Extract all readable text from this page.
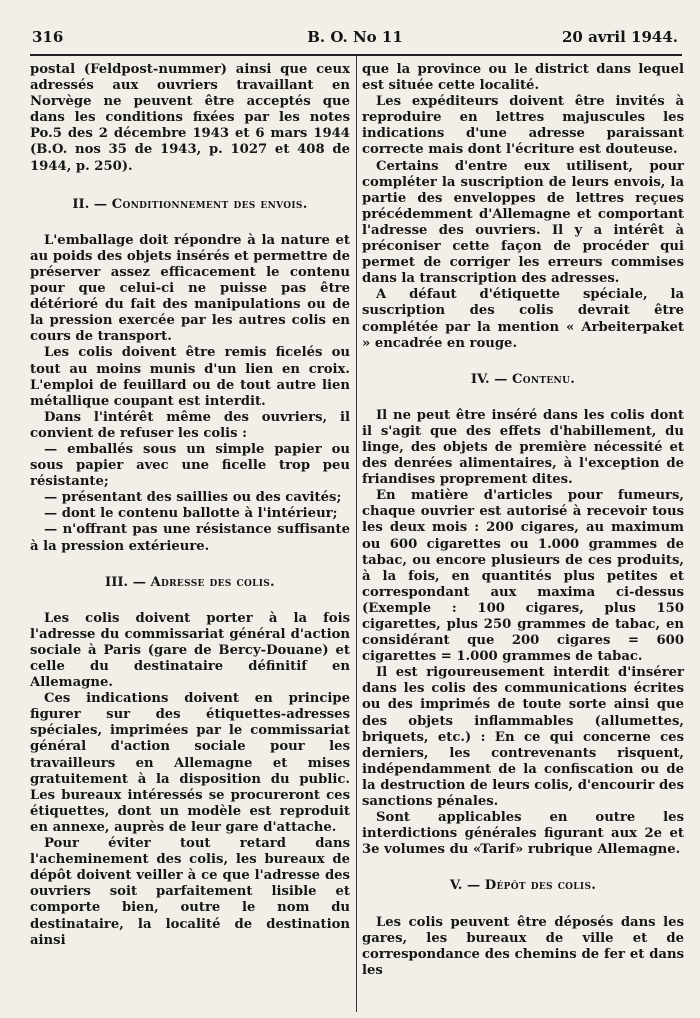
316	B. O. No 11	20 avril 1944.

postal (Feldpost-nummer) ainsi que ceux adressés aux ouvriers travaillant en Norvège ne peuvent être acceptés que dans les conditions fixées par les notes Po.5 des 2 décembre 1943 et 6 mars 1944 (B.O. nos 35 de 1943, p. 1027 et 408 de 1944, p. 250).

II. — Conditionnement des envois.

L'emballage doit répondre à la nature et au poids des objets insérés et permettre de préserver assez efficacement le contenu pour que celui-ci ne puisse pas être détérioré du fait des manipulations ou de la pression exercée par les autres colis en cours de transport.

Les colis doivent être remis ficelés ou tout au moins munis d'un lien en croix. L'emploi de feuillard ou de tout autre lien métallique coupant est interdit.

Dans l'intérêt même des ouvriers, il convient de refuser les colis :

— emballés sous un simple papier ou sous papier avec une ficelle trop peu résistante;

— présentant des saillies ou des cavités;

— dont le contenu ballotte à l'intérieur;

— n'offrant pas une résistance suffisante à la pression extérieure.

III. — Adresse des colis.

Les colis doivent porter à la fois l'adresse du commissariat général d'action sociale à Paris (gare de Bercy-Douane) et celle du destinataire définitif en Allemagne.

Ces indications doivent en principe figurer sur des étiquettes-adresses spéciales, imprimées par le commissariat général d'action sociale pour les travailleurs en Allemagne et mises gratuitement à la disposition du public. Les bureaux intéressés se procureront ces étiquettes, dont un modèle est reproduit en annexe, auprès de leur gare d'attache.

Pour éviter tout retard dans l'acheminement des colis, les bureaux de dépôt doivent veiller à ce que l'adresse des ouvriers soit parfaitement lisible et comporte bien, outre le nom du destinataire, la localité de destination ainsi

que la province ou le district dans lequel est située cette localité.

Les expéditeurs doivent être invités à reproduire en lettres majuscules les indications d'une adresse paraissant correcte mais dont l'écriture est douteuse.

Certains d'entre eux utilisent, pour compléter la suscription de leurs envois, la partie des enveloppes de lettres reçues précédemment d'Allemagne et comportant l'adresse des ouvriers. Il y a intérêt à préconiser cette façon de procéder qui permet de corriger les erreurs commises dans la transcription des adresses.

A défaut d'étiquette spéciale, la suscription des colis devrait être complétée par la mention « Arbeiterpaket » encadrée en rouge.

IV. — Contenu.

Il ne peut être inséré dans les colis dont il s'agit que des effets d'habillement, du linge, des objets de première nécessité et des denrées alimentaires, à l'exception de friandises proprement dites.

En matière d'articles pour fumeurs, chaque ouvrier est autorisé à recevoir tous les deux mois : 200 cigares, au maximum ou 600 cigarettes ou 1.000 grammes de tabac, ou encore plusieurs de ces produits, à la fois, en quantités plus petites et correspondant aux maxima ci-dessus (Exemple : 100 cigares, plus 150 cigarettes, plus 250 grammes de tabac, en considérant que 200 cigares = 600 cigarettes = 1.000 grammes de tabac.

Il est rigoureusement interdit d'insérer dans les colis des communications écrites ou des imprimés de toute sorte ainsi que des objets inflammables (allumettes, briquets, etc.) : En ce qui concerne ces derniers, les contrevenants risquent, indépendamment de la confiscation ou de la destruction de leurs colis, d'encourir des sanctions pénales.

Sont applicables en outre les interdictions générales figurant aux 2e et 3e volumes du «Tarif» rubrique Allemagne.

V. — Dépôt des colis.

Les colis peuvent être déposés dans les gares, les bureaux de ville et de correspondance des chemins de fer et dans les
